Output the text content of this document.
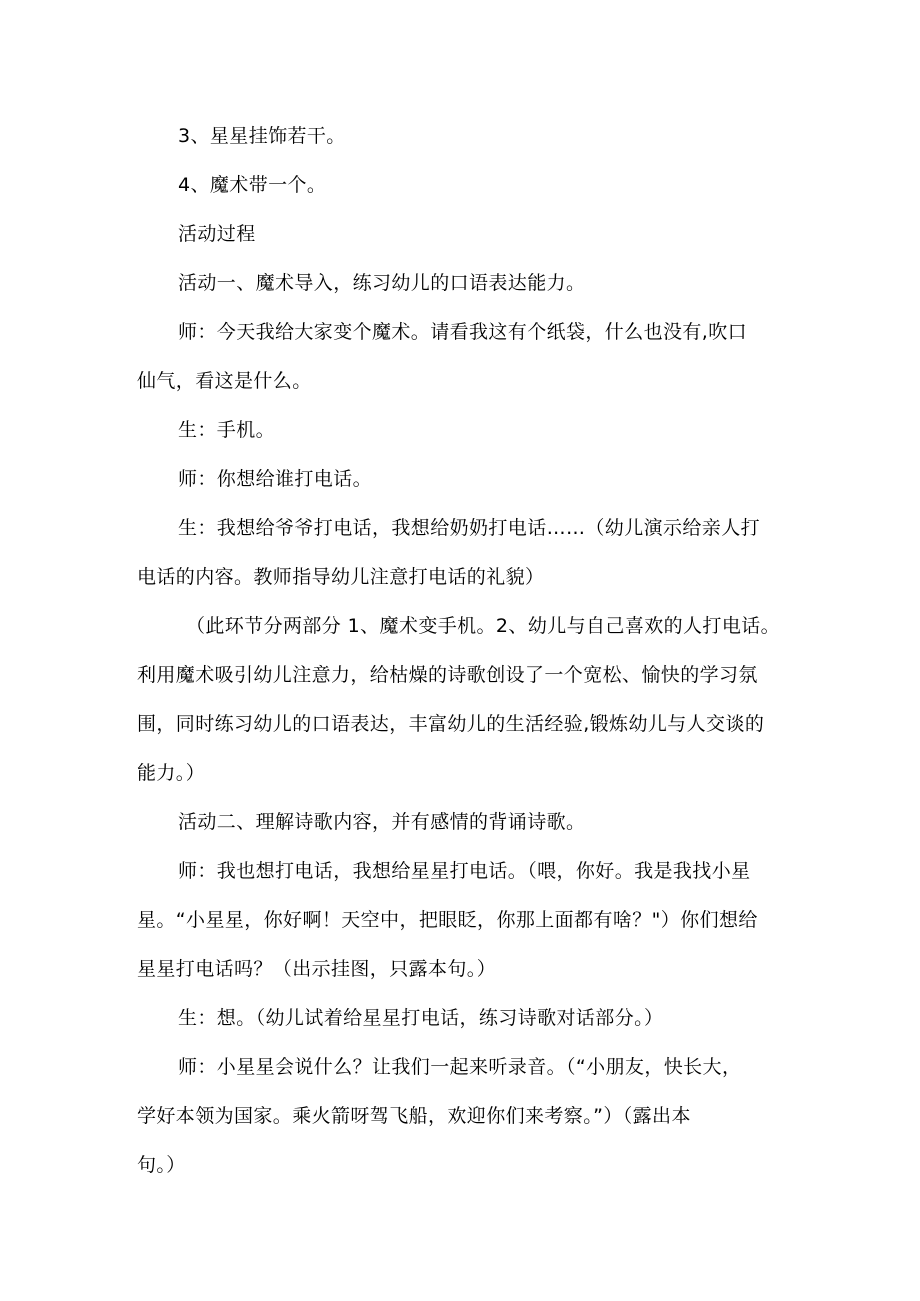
3、星星挂饰若干。
4、魔术带一个。
活动过程
活动一、魔术导入，练习幼儿的口语表达能力。
师：今天我给大家变个魔术。请看我这有个纸袋，什么也没有,吹口
仙气，看这是什么。
生：手机。
师：你想给谁打电话。
生：我想给爷爷打电话，我想给奶奶打电话……（幼儿演示给亲人打
电话的内容。教师指导幼儿注意打电话的礼貌）
（此环节分两部分 1、魔术变手机。2、幼儿与自己喜欢的人打电话。
利用魔术吸引幼儿注意力，给枯燥的诗歌创设了一个宽松、愉快的学习氛
围，同时练习幼儿的口语表达，丰富幼儿的生活经验,锻炼幼儿与人交谈的
能力。）
活动二、理解诗歌内容，并有感情的背诵诗歌。
师：我也想打电话，我想给星星打电话。（喂，你好。我是我找小星
星。“小星星，你好啊！天空中，把眼眨，你那上面都有啥？"）你们想给
星星打电话吗？（出示挂图，只露本句。）
生：想。（幼儿试着给星星打电话，练习诗歌对话部分。）
师：小星星会说什么？让我们一起来听录音。（“小朋友，快长大，
学好本领为国家。乘火箭呀驾飞船，欢迎你们来考察。”）（露出本
句。）
